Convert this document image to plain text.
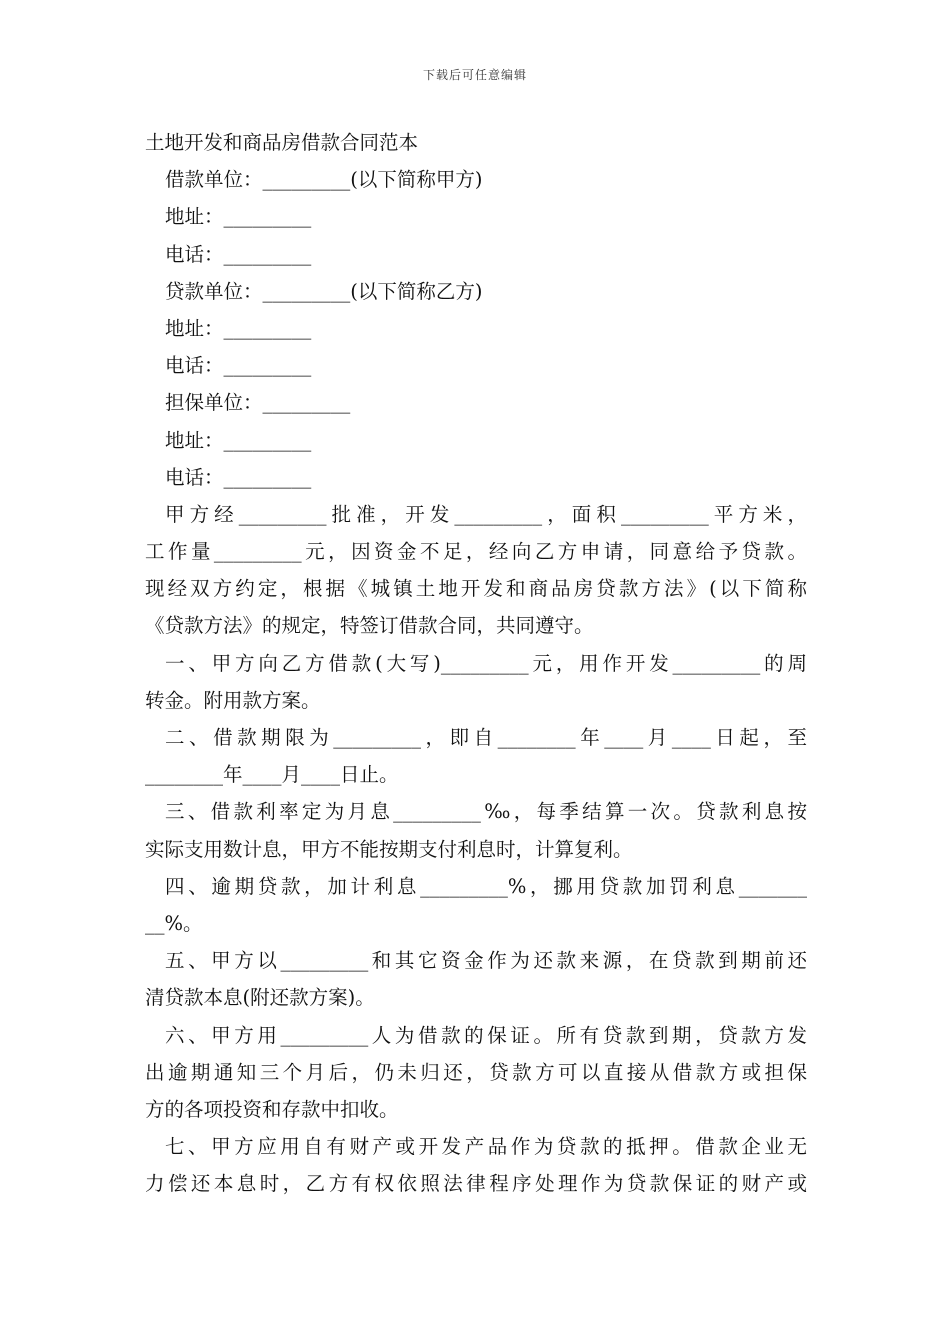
下载后可任意编辑
土地开发和商品房借款合同范本
借款单位：_________(以下简称甲方)
地址：_________
电话：_________
贷款单位：_________(以下简称乙方)
地址：_________
电话：_________
担保单位：_________
地址：_________
电话：_________
甲方经_________批准，开发_________，面积_________平方米，
工作量_________元，因资金不足，经向乙方申请，同意给予贷款。
现经双方约定，根据《城镇土地开发和商品房贷款方法》(以下简称
《贷款方法》的规定，特签订借款合同，共同遵守。
一、甲方向乙方借款(大写)_________元，用作开发_________的周
转金。附用款方案。
二、借款期限为_________，即自________年____月____日起，至
________年____月____日止。
三、借款利率定为月息_________‰，每季结算一次。贷款利息按
实际支用数计息，甲方不能按期支付利息时，计算复利。
四、逾期贷款，加计利息_________%，挪用贷款加罚利息_______
__%。
五、甲方以_________和其它资金作为还款来源，在贷款到期前还
清贷款本息(附还款方案)。
六、甲方用_________人为借款的保证。所有贷款到期，贷款方发
出逾期通知三个月后，仍未归还，贷款方可以直接从借款方或担保
方的各项投资和存款中扣收。
七、甲方应用自有财产或开发产品作为贷款的抵押。借款企业无
力偿还本息时，乙方有权依照法律程序处理作为贷款保证的财产或
